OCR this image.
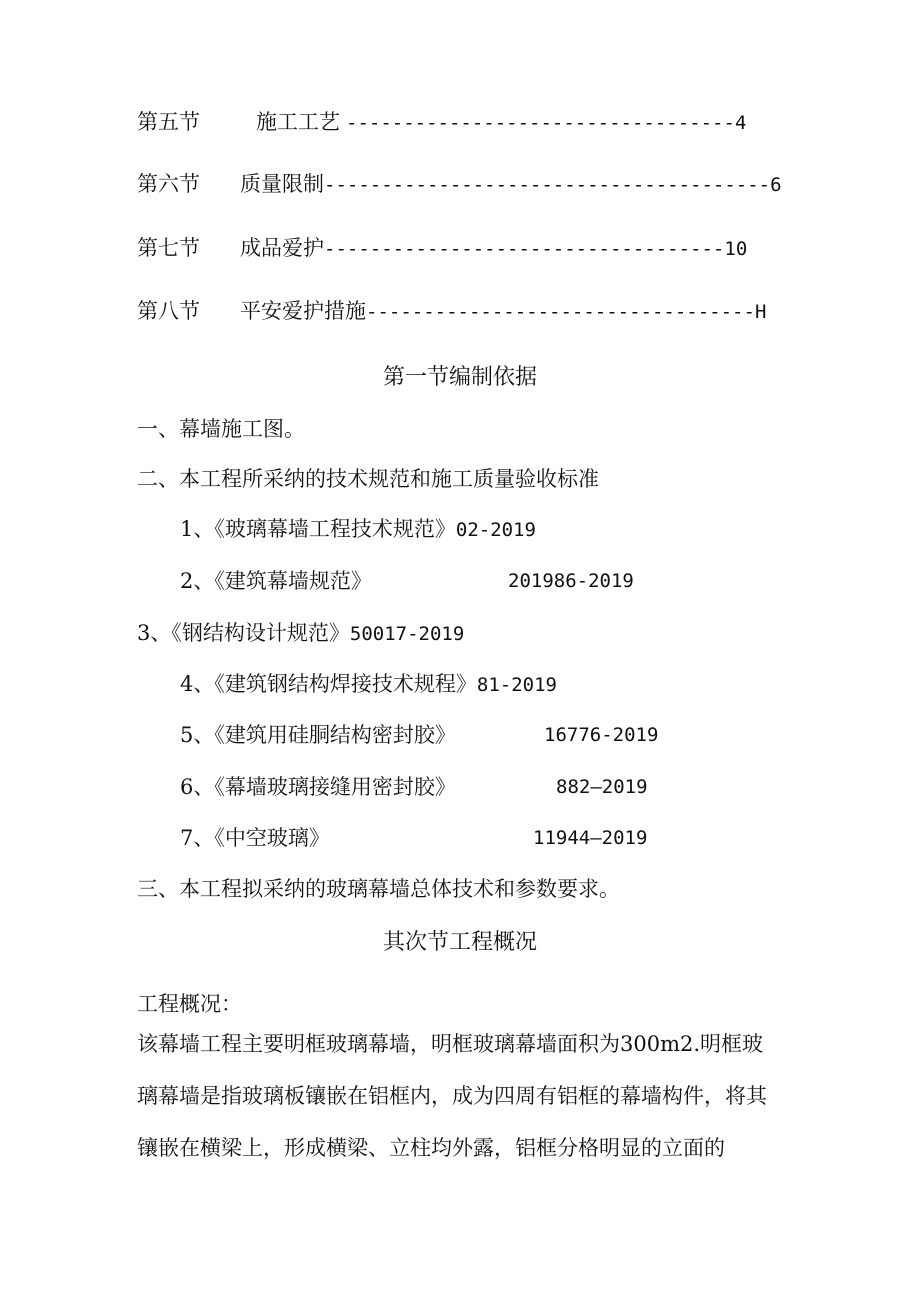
第五节	施工工艺 ----------------------------------4
第六节 质量限制---------------------------------------6
第七节 成品爱护-----------------------------------10
第八节 平安爱护措施----------------------------------H
第一节编制依据
一、幕墙施工图。
二、本工程所采纳的技术规范和施工质量验收标准
1、《玻璃幕墙工程技术规范》02-2019
2、《建筑幕墙规范》	201986-2019
3、《钢结构设计规范》50017-2019
4、《建筑钢结构焊接技术规程》81-2019
5、《建筑用硅胴结构密封胶》	16776-2019
6、《幕墙玻璃接缝用密封胶》	882—2019
7、《中空玻璃》	11944—2019
三、本工程拟采纳的玻璃幕墙总体技术和参数要求。
其次节工程概况
工程概况：
该幕墙工程主要明框玻璃幕墙，明框玻璃幕墙面积为300m2.明框玻璃幕墙是指玻璃板镶嵌在铝框内，成为四周有铝框的幕墙构件，将其镶嵌在横梁上，形成横梁、立柱均外露，铝框分格明显的立面的
